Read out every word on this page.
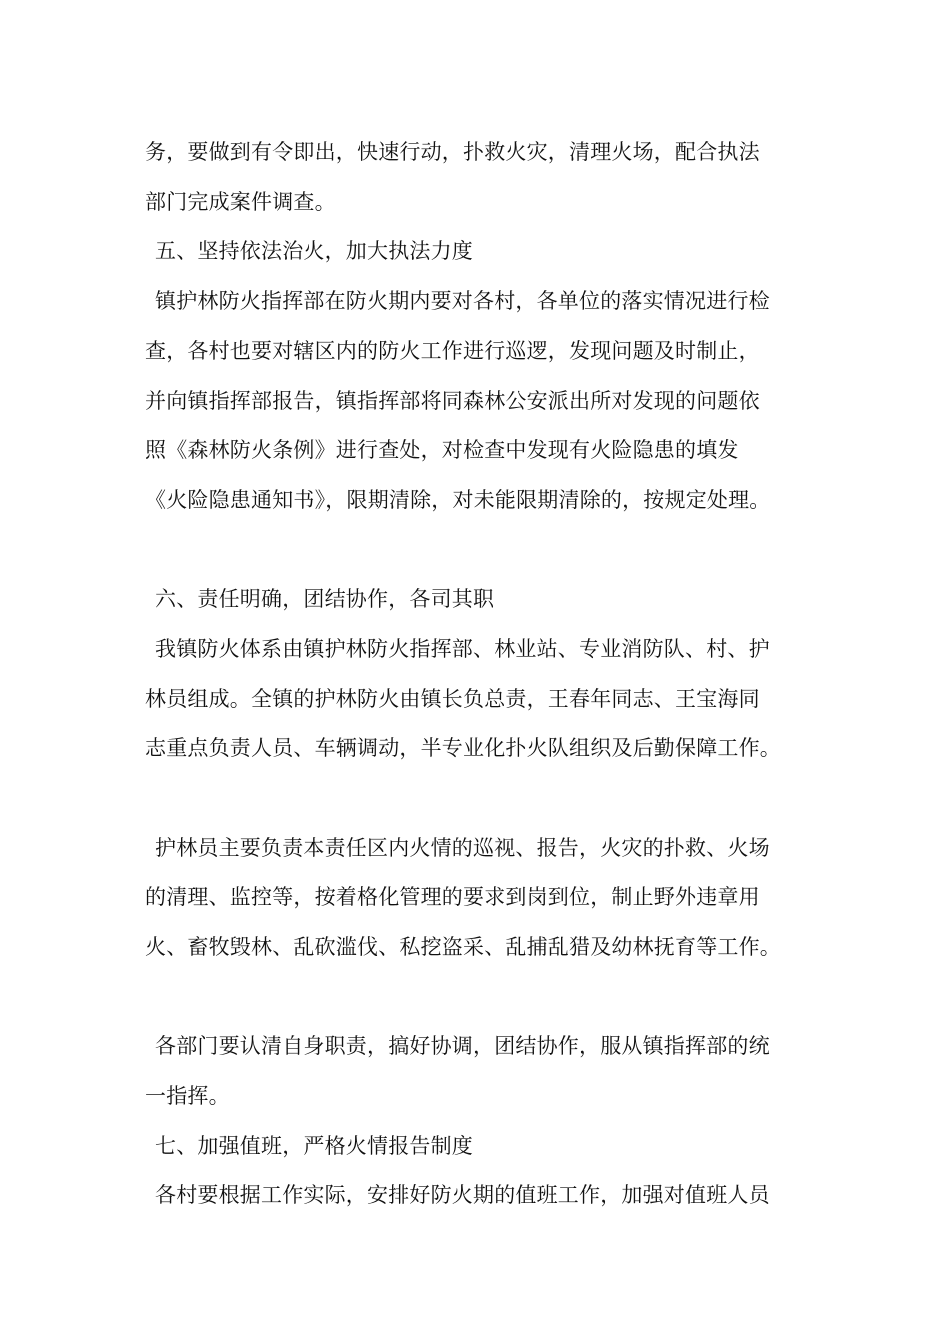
务，要做到有令即出，快速行动，扑救火灾，清理火场，配合执法
部门完成案件调查。
五、坚持依法治火，加大执法力度
镇护林防火指挥部在防火期内要对各村，各单位的落实情况进行检
查，各村也要对辖区内的防火工作进行巡逻，发现问题及时制止，
并向镇指挥部报告，镇指挥部将同森林公安派出所对发现的问题依
照《森林防火条例》进行查处，对检查中发现有火险隐患的填发
《火险隐患通知书》，限期清除，对未能限期清除的，按规定处理。
六、责任明确，团结协作，各司其职
我镇防火体系由镇护林防火指挥部、林业站、专业消防队、村、护
林员组成。全镇的护林防火由镇长负总责，王春年同志、王宝海同
志重点负责人员、车辆调动，半专业化扑火队组织及后勤保障工作。
护林员主要负责本责任区内火情的巡视、报告，火灾的扑救、火场
的清理、监控等，按着格化管理的要求到岗到位，制止野外违章用
火、畜牧毁林、乱砍滥伐、私挖盗采、乱捕乱猎及幼林抚育等工作。
各部门要认清自身职责，搞好协调，团结协作，服从镇指挥部的统
一指挥。
七、加强值班，严格火情报告制度
各村要根据工作实际，安排好防火期的值班工作，加强对值班人员
